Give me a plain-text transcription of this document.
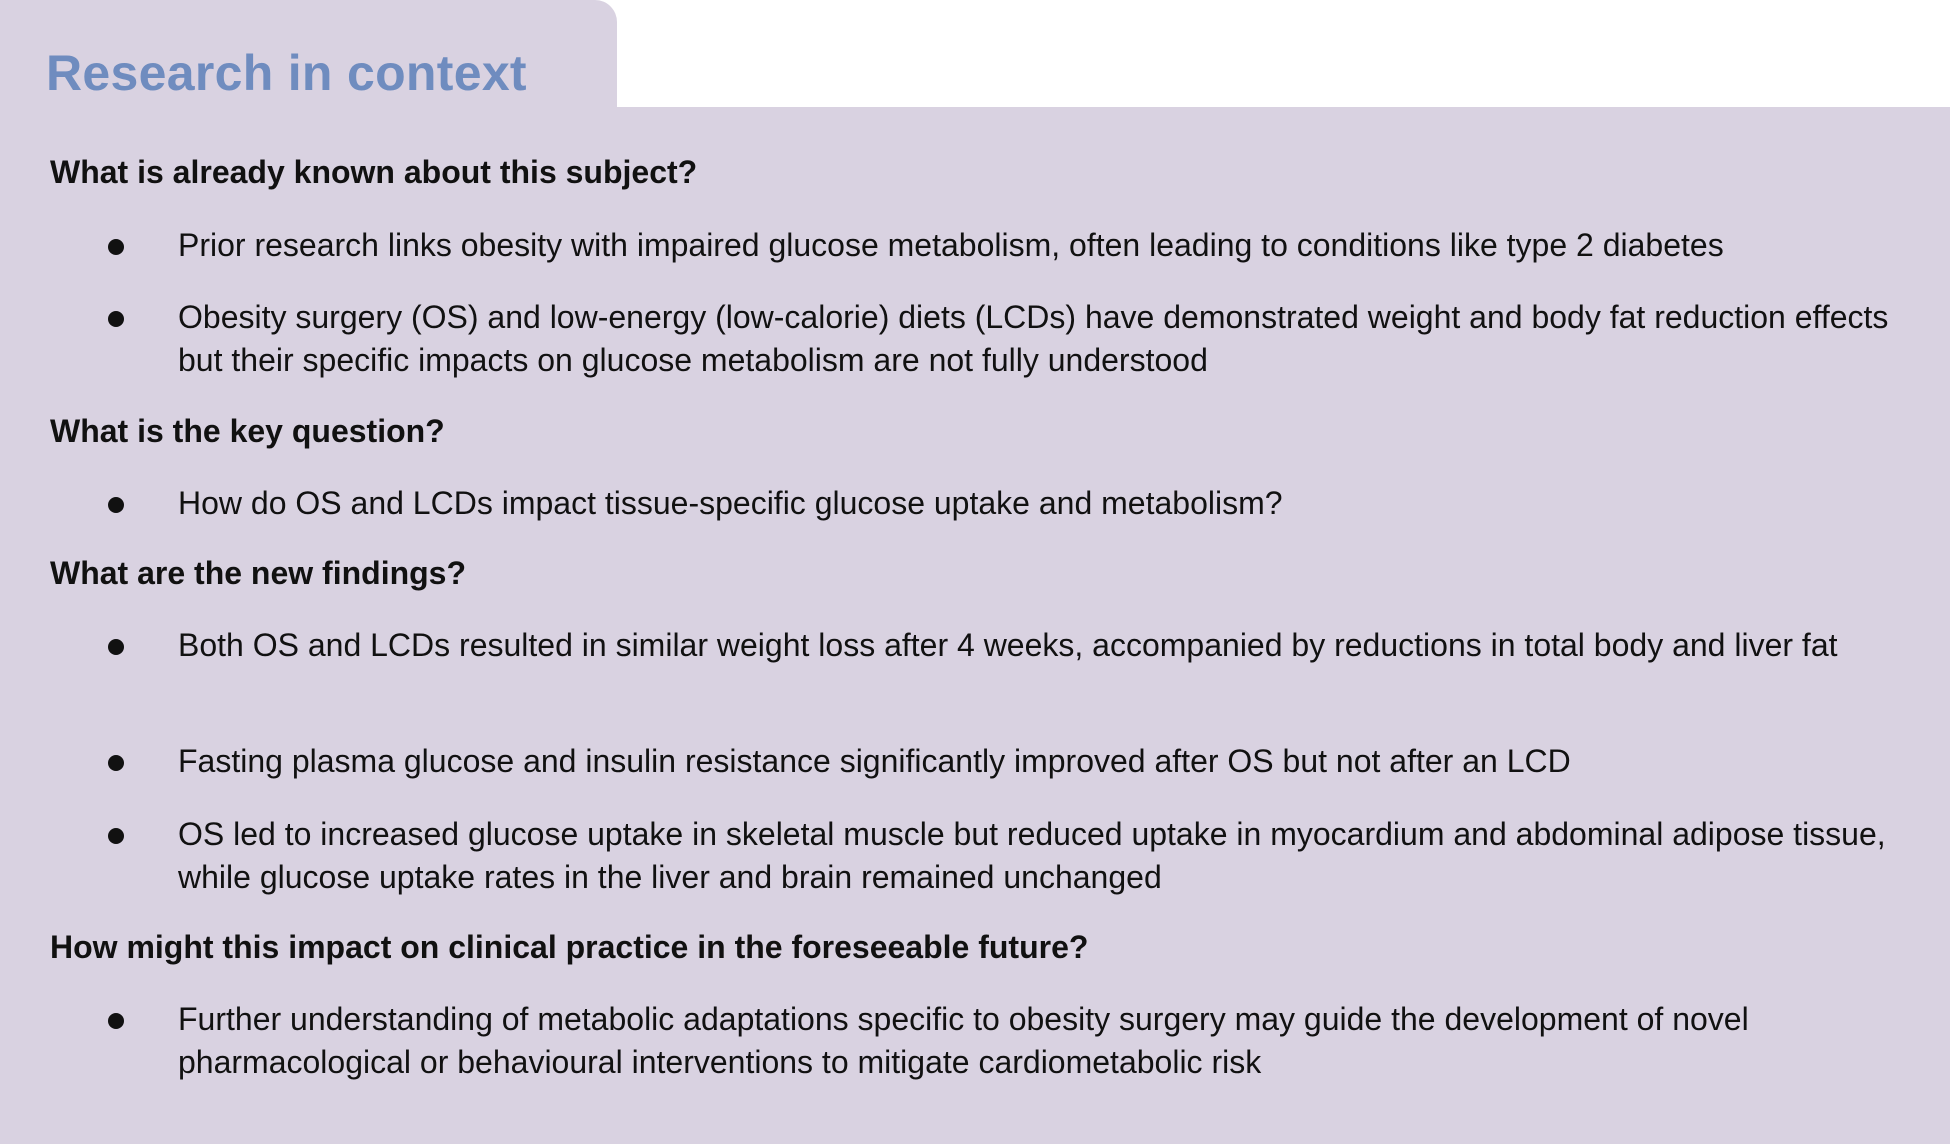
Research in context
What is already known about this subject?

Prior research links obesity with impaired glucose metabolism, often leading to conditions like type 2 diabetes

Obesity surgery (OS) and low-energy (low-calorie) diets (LCDs) have demonstrated weight and body fat reduction effects but their specific impacts on glucose metabolism are not fully understood

What is the key question?

How do OS and LCDs impact tissue-specific glucose uptake and metabolism?

What are the new findings?

Both OS and LCDs resulted in similar weight loss after 4 weeks, accompanied by reductions in total body and liver fat

Fasting plasma glucose and insulin resistance significantly improved after OS but not after an LCD

OS led to increased glucose uptake in skeletal muscle but reduced uptake in myocardium and abdominal adipose tissue, while glucose uptake rates in the liver and brain remained unchanged

How might this impact on clinical practice in the foreseeable future?

Further understanding of metabolic adaptations specific to obesity surgery may guide the development of novel pharmacological or behavioural interventions to mitigate cardiometabolic risk
